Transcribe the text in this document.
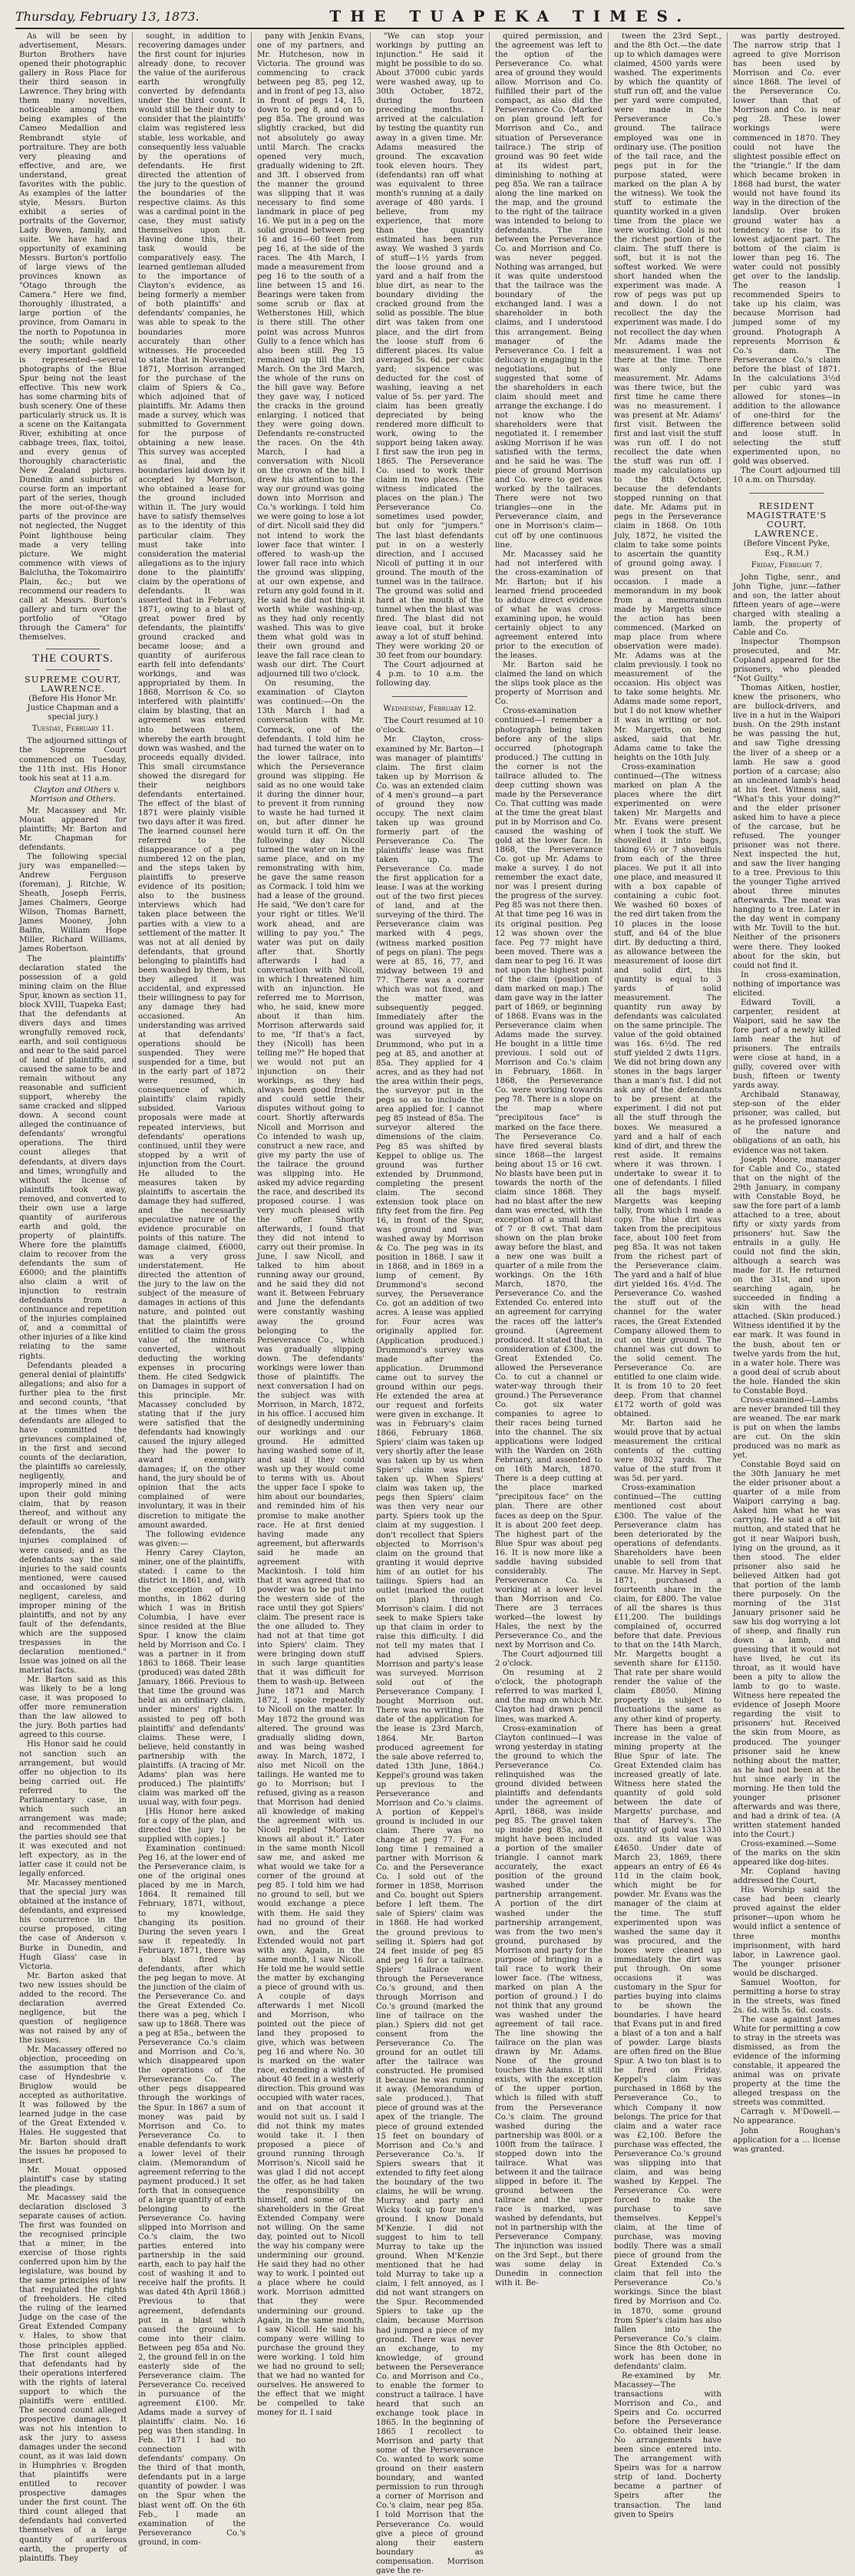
Thursday, February 13, 1873.	THE TUAPEKA TIMES.

As will be seen by advertisement, Messrs. Burton Brothers have opened their photographic gallery in Ross Place for their third season in Lawrence. They bring with them many novelties, noticeable among them being examples of the Cameo Medallion and Rembrandt style of portraiture. They are both very pleasing and effective, and are, we understand, great favorites with the public. As examples of the latter style, Messrs. Burton exhibit a series of portraits of the Governor, Lady Bowen, family, and suite. We have had an opportunity of examining Messrs. Burton's portfolio of large views of the provinces known as "Otago through the Camera." Here we find, thoroughly illustrated, a large portion of the province, from Oamaru in the north to Popotunoa in the south; while nearly every important goldfield is represented—several photographs of the Blue Spur being not the least effective. This new work has some charming bits of bush scenery. One of these particularly struck us. It is a scene on the Kaitangata River, exhibiting at once cabbage trees, flax, toitoi, and every genus of thoroughly characteristic New Zealand pictures. Dunedin and suburbs of course form an important part of the series, though the more out-of-the-way parts of the province are not neglected, the Nugget Point lighthouse being made a very telling picture. We might commence with views of Balclutha, the Tokomairiro Plain, &c.; but we recommend our readers to call at Messrs. Burton's gallery and turn over the portfolio of "Otago through the Camera" for themselves.

THE COURTS.
SUPREME COURT, LAWRENCE.
(Before His Honor Mr. Justice Chapman and a special jury.)

Tuesday, February 11.

The adjourned sittings of the Supreme Court commenced on Tuesday, the 11th inst. His Honor took his seat at 11 a.m.

Clayton and Others v. Morrison and Others.

Mr. Macassey and Mr. Mouat appeared for plaintiffs; Mr. Barton and Mr. Chapman for defendants.

The following special jury was empanelled:—Andrew Ferguson (foreman), J. Ritchie, W. Sheath, Joseph Ferris, James Chalmers, George Wilson, Thomas Barnett, James Mooney, John Balfin, William Hope Miller, Richard Williams, James Robertson.

The plaintiffs' declaration stated the possession of a gold mining claim on the Blue Spur, known as section 11, block XVIII, Tuapeka East; that the defendants at divers days and times wrongfully removed rock, earth, and soil contiguous and near to the said parcel of land of plaintiffs, and caused the same to be and remain without any reasonable and sufficient support, whereby the same cracked and slipped down. A second count alleged the continuance of defendants' wrongful operations. The third count alleges that defendants, at divers days and times, wrongfully and without the license of plaintiffs took away, removed, and converted to their own use a large quantity of auriferous earth and gold, the property of plaintiffs. Where fore the plaintiffs claim to recover from the defendants the sum of £6000; and the plaintiffs also claim a writ of injunction to restrain defendants from a continuance and repetition of the injuries complained of, and a committal of other injuries of a like kind relating to the same rights.

Defendants pleaded a general denial of plaintiffs' allegations; and also for a further plea to the first and second counts, "that at the times when the defendants are alleged to have committed the grievances complained of, in the first and second counts of the declaration, the plaintiffs so carelessly, negligently, and improperly mined in and upon their gold mining claim, that by reason thereof, and without any default or wrong of the defendants, the said injuries complained of were caused; and as the defendants say the said injuries to the said counts mentioned, were caused and occasioned by said negligent, careless, and improper mining of the plaintiffs, and not by any fault of the defendants, which are the supposed trespasses in the declaration mentioned." Issue was joined on all the material facts.

Mr. Barton said as this was likely to be a long case, it was proposed to offer more remuneration than the law allowed to the jury. Both parties had agreed to this course.

His Honor said he could not sanction such an arrangement, but would offer no objection to its being carried out. He referred to the Parliamentary case, in which such an arrangement was made; and recommended that the parties should see that it was executed and not left expectory, as in the latter case it could not be legally enforced.

Mr. Macassey mentioned that the special jury was obtained at the instance of defendants, and expressed his concurrence in the course proposed, citing the case of Anderson v. Burke in Dunedin, and Hugh Glass' case in Victoria.

Mr. Barton asked that two new issues should be added to the record. The declaration averred negligence, but the question of negligence was not raised by any of the issues.

Mr. Macassey offered no objection, proceeding on the assumption that the case of Hyndesbrie v. Bruglow would be accepted as authoritative. It was followed by the learned judge in the case of the Great Extended v. Hales. He suggested that Mr. Barton should draft the issues he proposed to insert.

Mr. Mouat opposed plaintiff's case by stating the pleadings.

Mr. Macassey said the declaration disclosed 3 separate causes of action. The first was founded on the recognised principle that a miner, in the exercise of those rights conferred upon him by the legislature, was bound by the same principles of law that regulated the rights of freeholders. He cited the ruling of the learned Judge on the case of the Great Extended Company v. Hales, to show that those principles applied. The first count alleged that defendants had by their operations interfered with the rights of lateral support to which the plaintiffs were entitled. The second count alleged prospective damages. It was not his intention to ask the jury to assess damages under the second count, as it was laid down in Humphries v. Brogden that plaintiffs were entitled to recover prospective damages under the first count. The third count alleged that defendants had converted themselves of a large quantity of auriferous earth, the property of plaintiffs. They

sought, in addition to recovering damages under the first count for injuries already done, to recover the value of the auriferous earth wrongfully converted by defendants under the third count. It would still be their duty to consider that the plaintiffs' claim was registered less stable, less workable, and consequently less valuable by the operations of defendants. He first directed the attention of the jury to the question of the boundaries of the respective claims. As this was a cardinal point in the case, they must satisfy themselves upon it. Having done this, their task would be comparatively easy. The learned gentleman alluded to the importance of Clayton's evidence, as being formerly a member of both plaintiffs' and defendants' companies, he was able to speak to the boundaries more accurately than other witnesses. He proceeded to state that in November, 1871, Morrison arranged for the purchase of the claim of Spiers & Co., which adjoined that of plaintiffs. Mr. Adams then made a survey, which was submitted to Government for the purpose of obtaining a new lease. This survey was accepted as final, and the boundaries laid down by it accepted by Morrison, who obtained a lease for the ground included within it. The jury would have to satisfy themselves as to the identity of this particular claim. They must take into consideration the material allegations as to the injury done to the plaintiffs' claim by the operations of defendants. It was asserted that in February, 1871, owing to a blast of great power fired by defendants, the plaintiffs' ground cracked and became loose; and a quantity of auriferous earth fell into defendants' workings, and was appropriated by them. In 1868, Morrison & Co. so interfered with plaintiffs' claim by blasting, that an agreement was entered into between them, whereby the earth brought down was washed, and the proceeds equally divided. This small circumstance showed the disregard for their neighbors defendants entertained. The effect of the blast of 1871 were plainly visible two days after it was fired. The learned counsel here referred to the disappearance of a peg numbered 12 on the plan, and the steps taken by plaintiffs to preserve evidence of its position; also to the business interviews which had taken place between the parties with a view to a settlement of the matter. It was not at all denied by defendants, that ground belonging to plaintiffs had been washed by them, but they alleged it was accidental, and expressed their willingness to pay for any damage they had occasioned. An understanding was arrived at that defendants' operations should be suspended. They were suspended for a time, but in the early part of 1872 were resumed, in consequence of which, plaintiffs' claim rapidly subsided. Various proposals were made at repeated interviews, but defendants' operations continued, until they were stopped by a writ of injunction from the Court. He alluded to the measures taken by plaintiffs to ascertain the damage they had suffered, and the necessarily speculative nature of the evidence procurable on points of this nature. The damage claimed, £6000, was a very gross understatement. He directed the attention of the jury to the law on the subject of the measure of damages in actions of this nature, and pointed out that the plaintiffs were entitled to claim the gross value of the minerals converted, without deducting the working expenses in procuring them. He cited Sedgwick on Damages in support of this principle. Mr. Macassey concluded by stating that if the jury were satisfied that the defendants had knowingly caused the injury alleged they had the power to award exemplary damages; if, on the other hand, the jury should be of opinion that the acts complained of were involuntary, it was in their discretion to mitigate the amount awarded.

The following evidence was given:—

Henry Carey Clayton, miner, one of the plaintiffs, stated: I came to the district in 1861, and, with the exception of 10 months, in 1862 during which I was in British Columbia, I have ever since resided at the Blue Spur. I know the claim held by Morrison and Co. I was a partner in it from 1863 to 1868. Their lease (produced) was dated 28th January, 1866. Previous to that time the ground was held as an ordinary claim, under miners' rights. I assisted to peg off both plaintiffs' and defendants' claims. These were, I believe, held constantly in partnership with the plaintiffs. (A tracing of Mr. Adams' plan was here produced.) The plaintiffs' claim was marked off the usual way, with four pegs.

[His Honor here asked for a copy of the plan, and directed the jury to be supplied with copies.]

Examination continued: Peg 16, at the lower end of the Perseverance claim, is one of the original ones placed by me in March, 1864. It remained till February, 1871, without, to my knowledge, changing its position. During the seven years I saw it repeatedly. In February, 1871, there was a blast fired by defendants, after which the peg began to move. At the junction of the claim of the Perseverance Co. and the Great Extended Co. there was a peg, which I saw up to 1868. There was a peg at 85a., between the Perseverance Co.'s claim and Morrison and Co.'s, which disappeared upon the operations of the Perseverance Co. The other pegs disappeared through the workings of the Spur. In 1867 a sum of money was paid by Morrison and Co. to Perseverance Co. to enable defendants to work a lower level of their claim. (Memorandum of agreement referring to the payment produced.) It set forth that in consequence of a large quantity of earth belonging to the Perseverance Co. having slipped into Morrison and Co.'s claim, the two parties entered into partnership in the said earth, each to pay half the cost of washing it and to receive half the profits. It was dated 4th April 1868.) Previous to that agreement, defendants put in a blast which caused the ground to come into their claim. Between peg 85a and No. 2, the ground fell in on the easterly side of the Perseverance claim. The Perseverance Co. received in pursuance of the agreement £100. Mr. Adams made a survey of plaintiffs' claim. No. 16 peg was then standing. In Feb. 1871 I had no connection with defendants' company. On the third of that month, defendants put in a large quantity of powder. I was on the Spur when the blast went off. On the 6th Feb., I made an examination of the Perseverance Co.'s ground, in com-

pany with Jenkin Evans, one of my partners, and Mr. Hutcheson, now in Victoria. The ground was commencing to crack between peg 85, peg 12, and in front of peg 13, also in front of pegs 14, 15, down to peg 8, and on to peg 85a. The ground was slightly cracked, but did not absolutely go away until March. The cracks opened very much, gradually widening to 2ft. and 3ft. I observed from the manner the ground was slipping that it was necessary to find some landmark in place of peg 16. We put in a peg on the solid ground between peg 16 and 16—60 feet from peg 16, at the side of the races. The 4th March, I made a measurement from peg 16 to the south of a line between 15 and 16. Bearings were taken from some scrub or flax at Wetherstones Hill, which is there still. The other point was across Munros Gully to a fence which has also been still. Peg 15 remained up till the 3rd March. On the 3rd March, the whole of the runs on the hill gave way. Before they gave way, I noticed the cracks in the ground enlarging. I noticed that they were going down. Defendants re-constructed the races. On the 4th March, I had a conversation with Nicoll on the crown of the hill. I drew his attention to the way our ground was going down into Morrison and Co.'s workings. I told him we were going to lose a lot of dirt. Nicoll said they did not intend to work the lower face that winter. I offered to wash-up the lower fall race into which the ground was slipping, at our own expense, and return any gold found in it. He said he did not think it worth while washing-up, as they had only recently washed. This was to give them what gold was in their own ground and leave the fall race clean to wash our dirt. The Court adjourned till two o'clock.

On resuming, the examination of Clayton was continued:—On the 13th March I had a conversation with Mr. Cormack, one of the defendants. I told him he had turned the water on to the lower tailrace, into which the Perseverance ground was slipping. He said as no one would take it during the dinner hour, to prevent it from running to waste he had turned it on, but after dinner he would turn it off. On the following day Nicoll turned the water on in the same place, and on my remonstrating with him, he gave the same reason as Cormack. I told him we had a lease of the ground. He said, "We don't care for your right or titles. We'll work ahead, and are willing to pay you." The water was put on daily after that. Shortly afterwards I had a conversation with Nicoll, in which I threatened him with an injunction. He referred me to Morrison, who, he said, knew more about it than him. Morrison afterwards said to me, "If that's a fact, they (Nicoll) has been telling me?" He hoped that we would not put an injunction on their workings, as they had always been good friends, and could settle their disputes without going to court. Shortly afterwards Nicoll and Morrison and Co intended to wash up, construct a new race, and give my party the use of the tailrace the ground was slipping into. He asked my advice regarding the race, and described its proposed course. I was very much pleased with the offer. Shortly afterwards, I found that they did not intend to carry out their promise. In June, I saw Nicoll, and talked to him about running away our ground, and he said they did not want it. Between February and June the defendants were constantly washing away the ground belonging to the Perseverance Co., which was gradually slipping down. The defendants' workings were lower than those of plaintiffs. The next conversation I had on the subject was with Morrison, in March, 1872, in his office. I accused him of designedly undermining our workings and our ground. He admitted having washed some of it, and said if they could wash up they would come to terms with us. About the upper face I spoke to him about our boundaries, and reminded him of his promise to make another race. He at first denied having made any agreement, but afterwards said he made an agreement with Mackintosh. I told him that it was agreed that no powder was to be put into the western side of the race until they got Spiers' claim. The present race is the one alluded to. They had not at that time got into Spiers' claim. They were bringing down stuff in such large quantities that it was difficult for them to wash-up. Between June 1871 and March 1872, I spoke repeatedly to Nicoll on the matter. In May 1872 the ground was altered. The ground was gradually sliding down, and was being washed away. In March, 1872, I also met Nicoll on the tailings. He wanted me to go to Morrison; but I refused, giving as a reason that Morrison had denied all knowledge of making the agreement with us. Nicoll replied "Morrison knows all about it." Later in the same month Nicoll saw me, and asked me what would we take for a corner of the ground at peg 85. I told him we had no ground to sell, but we would exchange a piece with them. He said they had no ground of their own, and the Great Extended would not part with any. Again, in the same month, I saw Nicoll. He told me he would settle the matter by exchanging a piece of ground with us. A couple of days afterwards I met Nicoll and Morrison, who pointed out the piece of land they proposed to give, which was between peg 16 and where No. 30 is marked on the water race, extending a width of about 40 feet in a westerly direction. This ground was occupied with water races, and on that account it would not suit us. I said I did not think my mates would take it. I then proposed a piece of ground running through Morrison's. Nicoll said he was glad I did not accept the offer, as he had taken the responsibility on himself, and some of the shareholders in the Great Extended Company were not willing. On the same day, pointed out to Nicoll the way his company were undermining our ground. He said they had no other way to work. I pointed out a place where he could work. Morrison admitted that they were undermining our ground. Again, in the same month, I saw Nicoll. He said his company were willing to purchase the ground they were working. I told him we had no ground to sell; that we had no wanted for ourselves. He answered to the effect that we might be compelled to take money for it. I said

"We can stop your workings by putting an injunction." He said it might be possible to do so. About 37000 cubic yards were washed away, up to 30th October, 1872, during the fourteen preceding months. I arrived at the calculation by testing the quantity run away in a given time. Mr. Adams measured the ground. The excavation took eleven hours. They (defendants) ran off what was equivalent to three month's running at a daily average of 480 yards. I believe, from my experience, that more than the quantity estimated has been run away. We washed 3 yards of stuff—1½ yards from the loose ground and a yard and a half from the blue dirt, as near to the boundary dividing the cracked ground from the solid as possible. The blue dirt was taken from one place, and the dirt from the loose stuff from 6 different places. Its value averaged 5s. 6d. per cubic yard; sixpence was deducted for the cost of washing, leaving a net value of 5s. per yard. The claim has been greatly depreciated by being rendered more difficult to work, owing to the support being taken away. I first saw the iron peg in 1865. The Perseverance Co. used to work their claim in two places. (The witness indicated the places on the plan.) The Perseverance Co. sometimes used powder, but only for "jumpers." The last blast defendants put in on a westerly direction, and I accused Nicoll of putting it in our ground. The mouth of the tunnel was in the tailrace. The ground was solid and hard at the mouth of the tunnel when the blast was fired. The blast did not leave coal, but it broke away a lot of stuff behind. They were working 20 or 30 feet from our boundary.

The Court adjourned at 4 p.m. to 10 a.m. the following day.

Wednesday, February 12.

The Court resumed at 10 o'clock.

Mr. Clayton, cross-examined by Mr. Barton—I was manager of plaintiffs' claim. The first claim taken up by Morrison & Co. was an extended claim of 4 men's ground—a part of ground they now occupy. The next claim taken up was ground formerly part of the Perseverance Co. The plaintiffs' lease was first taken up. The Perseverance Co. made the first application for a lease. I was at the working out of the two first pieces of land, and at the surveying of the third. The Perseverance claim was marked with 4 pegs, (witness marked position of pegs on plan). The pegs were at 85, 16, 77, and midway between 19 and 77. There was a corner which was not fixed, and the matter was subsequently pegged. Immediately after the ground was applied for, it was surveyed by Drummond, who put in a peg at 85, and another at 85a. They applied for 4 acres, and as they had not the area within their pegs, the surveyor put in the pegs so as to include the area applied for. I cannot peg 85 instead of 85a. The surveyor altered the dimensions of the claim. Peg 85 was shifted by Keppel to oblige us. The ground was further extended by Drummond, completing the present claim. The second extension took place on fifty feet from the fire. Peg 16, in front of the Spur, was ground and was washed away by Morrison & Co. The peg was in its position in 1868. I saw it in 1868, and in 1869 in a lump of cement. By Drummond's second survey, the Perseverance Co. got an addition of two acres. A lease was applied for. Four acres was originally applied for. (Application produced.) Drummond's survey was made after the application. Drummond came out to survey the ground within our pegs. He extended the area at our request and forfeits were given in exchange. It was in February's claim 1866, February 1868. Spiers' claim was taken up very shortly after the lease was taken up by us when Spiers' claim was first taken up. When Spiers' claim was taken up, the pegs then Spiers' claim was then very near our party. Spiers took up the claim at my suggestion. I don't recollect that Spiers objected to Morrison's claim on the ground that granting it would deprive him of an outlet for his tailings. Spiers had an outlet (marked the outlet on plan) through Morrison's claim. I did not seek to make Spiers take up that claim in order to raise this difficulty. I did not tell my mates that I had advised Spiers. Morrison and party's lease was surveyed. Morrison sold out of the Perseverance Company. I bought Morrison out. There was no writing. The date of the application for the lease is 23rd March, 1864. Mr. Barton produced agreement for the sale above referred to, dated 13th June, 1864.) Keppel's ground was taken up previous to the Perseverance and Morrison and Co.'s claims. A portion of Keppel's ground is included in our claim. There was no change at peg 77. For a long time I remained a partner with Morrison & Co. and the Perseverance Co. I sold out of the former in 1858, Morrison and Co. bought out Spiers before I left them. The sale of Spiers' claim was in 1868. He had worked the ground previous to selling it. Spiers had got 24 feet inside of peg 85 and peg 16 for a tailrace. Spiers' tailrace went through the Perseverance Co.'s ground, and then through Morrison and Co.'s ground (marked the line of tailrace on the plan.) Spiers did not get consent from the Perseverance Co. The ground for an outlet till after the tailrace was constructed. He promised it because he was running it away. (Memorandum of sale produced.). That piece of ground was at the apex of the triangle. The piece of ground extended 15 feet on boundary of Morrison and Co.'s and Perseverance Co.'s. If Spiers swears that it extended to fifty feet along the boundary of the two claims, he will be wrong. Murray and party and Wicks took up four men's ground. I know Donald M'Kenzie. I did not suggest to him to tell Murray to take up the ground. When M'Kenzie mentioned that he had told Murray to take up a claim, I felt annoyed, as I did not want strangers on the Spur. Recommended Spiers to take up the claim, because Morrison had jumped a piece of my ground. There was never an exchange, to my knowledge, of ground between the Perseverance Co. and Morrison and Co., to enable the former to construct a tailrace. I have heard that such an exchange took place in 1865. In the beginning of 1865 I recollect to Morrison and party that some of the Perseverance Co. wanted to work some ground on their eastern boundary, and wanted permission to run through a corner of Morrison and Co.'s claim, near peg 85a. I told Morrison that the Perseverance Co. would give a piece of ground along their eastern boundary as compensation. Morrison gave the re-

quired permission, and the agreement was left to the option of the Perseverance Co. what area of ground they would allow. Morrison and Co. fulfilled their part of the compact, as also did the Perseverance Co. (Marked on plan ground left for Morrison and Co., and situation of Perseverance tailrace.) The strip of ground was 90 feet wide at its widest part, diminishing to nothing at peg 85a. We ran a tailrace along the line marked on the map, and the ground to the right of the tailrace was intended to belong to defendants. The line between the Perseverance Co. and Morrison and Co. was never pegged. Nothing was arranged, but it was quite understood that the tailrace was the boundary of the exchanged land. I was a shareholder in both claims, and I understood this arrangement. Being manager of the Perseverance Co. I felt a delicacy in engaging in the negotiations, but I suggested that some of the shareholders in each claim should meet and arrange the exchange. I do not know who the shareholders were that negotiated it. I remember asking Morrison if he was satisfied with the terms, and he said he was. The piece of ground Morrison and Co. were to get was worked by the tailraces. There were not two triangles—one in the Perseverance claim, and one in Morrison's claim—cut off by one continuous line.

Mr. Macassey said he had not interfered with the cross-examination of Mr. Barton; but if his learned friend proceeded to adduce direct evidence of what he was cross-examining upon, he would certainly object to any agreement entered into prior to the execution of the leases.

Mr. Barton said he claimed the land on which the slips took place as the property of Morrison and Co.

Cross-examination continued—I remember a photograph being taken before any of the slips occurred (photograph produced.) The cutting in the corner is not the tailrace alluded to. The deep cutting shown was made by the Perseverance Co. That cutting was made at the time the great blast put in by Morrison and Co. caused the washing of gold at the lower face. In 1868, the Perseverance Co. got up Mr. Adams to make a survey. I do not remember the exact date, nor was I present during the progress of the survey. Peg 85 was not there then. At that time peg 16 was in its original position. Peg 12 was shown over the face. Peg 77 might have been moved. There was a dam near to peg 16. It was not upon the highest point of the claim (position of dam marked on map.) The dam gave way in the latter part of 1869, or beginning of 1868. Evans was in the Perseverance claim when Adams made the survey. He bought in a little time previous. I sold out of Morrison and Co.'s claim in February, 1868. In 1868, the Perseverance Co. were working towards peg 78. There is a slope on the map where "precipitous face" is marked on the face there. The Perseverance Co. have fired several blasts since 1868—the largest being about 15 or 16 cwt. No blasts have been put in towards the north of the claim since 1868. They had no blast after the new dam was erected, with the exception of a small blast of 7 or 8 cwt. That dam shown on the plan broke away before the blast, and a new one was built a quarter of a mile from the workings. On the 16th March, 1870, the Perseverance Co. and the Extended Co. entered into an agreement for carrying the races off the latter's ground. (Agreement produced. It stated that, in consideration of £300, the Great Extended Co. allowed the Perseverance Co. to cut a channel or water-way through their ground.) The Perseverance Co. got six water companies to agree to their races being turned into the channel. The six applications were lodged with the Warden on 26th February, and assented to on 16th March, 1870. There is a deep cutting at the place marked "precipitous face" on the plan. There are other faces as deep on the Spur. It is about 200 feet deep. The highest part of the Blue Spur was about peg 16. It is now more like a saddle having subsided considerably. The Perseverance Co. is working at a lower level than Morrison and Co. There are 3 terraces worked—the lowest by Hales, the next by the Perseverance Co., and the next by Morrison and Co.

The Court adjourned till 2 o'clock.

On resuming at 2 o'clock, the photograph referred to was marked I, and the map on which Mr. Clayton had drawn pencil lines, was marked A.

Cross-examination of Clayton continued—I was wrong yesterday in stating the ground to which the Perseverance Co. relinquished was the ground divided between plaintiffs and defendants under the agreement of April, 1868, was inside peg 85. The gravel taken up inside peg 85a, and it might have been included a portion of the smaller triangle. I cannot mark accurately, the exact position of the ground washed under the partnership arrangement. A portion of the dirt washed under the partnership arrangement, was from the two men's ground, purchased by Morrison and party for the purpose of bringing in a tail race to work their lower face. (The witness, marked on plan A the portion of ground.) I do not think that any ground was washed under the agreement of tail race. The line showing the tailrace on the plan was drawn by Mr. Adams. None of the ground touches the Adams. It still exists, with the exception of the upper portion, which is filled with stuff from the Perseverance Co.'s claim. The ground washed during the partnership was 800l. or a 100ft from the tailrace. I stopped down into the tailrace. What was between it and the tailrace slipped in before it. The ground between the tailrace and the upper race is marked, was washed by defendants, but not in partnership with the Perseverance Company. The injunction was issued on the 3rd Sept., but there was some delay in Dunedin in connection with it. Be-

tween the 23rd Sept., and the 8th Oct.—the date up to which damages were claimed, 4500 yards were washed. The experiments by which the quantity of stuff run off, and the value per yard were computed, were made in the Perseverance Co.'s ground. The tailrace employed was one in ordinary use. (The position of the tail race, and the pegs put in for the purpose stated, were marked on the plan A by the witness). We took the stuff to estimate the quantity worked in a given time from the place we were working. Gold is not the richest portion of the claim. The stuff there is soft, but it is not the softest worked. We were short handed when the experiment was made. A row of pegs was put up and down. I do not recollect the day the experiment was made. I do not recollect the day when Mr. Adams made the measurement. I was not there at the time. There was only one measurement. Mr. Adams was there twice, but the first time he came there was no measurement. I was present at Mr. Adams' first visit. Between the first and last visit the stuff was run off. I do not recollect the date when the stuff was run off. I made my calculations up to the 8th October, because the defendants stopped running on that date. Mr. Adams put in pegs in the Perseverance claim in 1868. On 10th July, 1872, he visited the claim to take some points to ascertain the quantity of ground going away. I was present on that occasion. I made a memorandum in my book from a memorandum made by Margetts since the action has been commenced. (Marked on map place from where observation were made). Mr. Adams was at the claim previously. I took no measurement of the occasion. His object was to take some heights. Mr. Adams made some report, but I do not know whether it was in writing or not. Mr. Margetts, on being asked, said that Mr. Adams came to take the heights on the 10th July.

Cross-examination continued—(The witness marked on plan A the places where the dirt experimented on were taken) Mr. Margetts and Mr. Evans were present when I took the stuff. We shovelled it into bags, taking 6½ or 7 shovelfuls from each of the three places. We put it all into one place, and measured it with a box capable of containing a cubic foot. We washed 60 boxes of the red dirt taken from the 10 places in the loose stuff, and 64 of the blue dirt. By deducting a third, as allowance between the measurement of loose dirt and solid dirt, this quantity is equal to 3 yards of solid measurement. The quantity run away by defendants was calculated on the same principle. The value of the gold obtained was 16s. 6½d. The red stuff yielded 2 dwts 11grs. We did not bring down any stones in the bags larger than a man's fist. I did not ask any of the defendants to be present at the experiment. I did not put all the stuff through the boxes. We measured a yard and a half of each kind of dirt, and threw the rest aside. It remains where it was thrown. I undertake to swear it to one of defendants. I filled all the bags myself. Margetts was keeping tally, from which I made a copy. The blue dirt was taken from the precipitous face, about 100 feet from peg 85a. It was not taken from the richest part of the Perseverance claim. The yard and a half of blue dirt yielded 16s. 4½d. The Perseverance Co. washed the stuff out of the channel for the water races, the Great Extended Company allowed them to cut on their ground. The channel was cut down to the solid cement. The Perseverance Co. are entitled to one claim wide. It is from 10 to 20 feet deep. From that channel £172 worth of gold was obtained.

Mr. Barton said he would prove that by actual measurement the critical contents of the cutting were 8032 yards. The value of the stuff from it was 5d. per yard.

Cross-examination continued—The cutting mentioned cost about £300. The value of the Perseverance claim has been deteriorated by the operations of defendants. Shareholders have been unable to sell from that cause. Mr. Harvey in Sept. 1871, purchased a fourteenth share in the claim, for £800. The value of all the shares is thus £11,200. The buildings complained of, occurred before that date. Previous to that on the 14th March, Mr. Margetts bought a seventh share for £1150. That rate per share would render the value of the claim £8050. Mining property is subject to fluctuations the same as any other kind of property. There has been a great increase in the value of mining property at the Blue Spur of late. The Great Extended claim has increased greatly of late. Witness here stated the quantity of gold sold between the date of Margetts' purchase, and that of Harvey's. The quantity of gold was 1330 ozs. and its value was £4650. Under date of March 23, 1869, there appears an entry of £6 4s 11d in the claim book, which might be for powder. Mr. Evans was the manager of the claim at the time. The stuff experimented upon was washed the same day it was procured, and the boxes were cleaned up immediately the dirt was put through. On some occasions it was customary in the Spur for parties buying into claims to be shown the boundaries. I have heard that Evans put in and fired a blast of a ton and a half of powder. Large blasts are often fired on the Blue Spur. A two ton blast is to be fired on Friday. Keppel's claim was purchased in 1868 by the Perseverance Co., to which Company it now belongs. The price for that claim and a water race was £2,100. Before the purchase was effected, the Perseverance Co.'s ground was slipping into that claim, and was being washed by Keppel. The Perseverance Co. were forced to make the purchase to save themselves. Keppel's claim, at the time of purchase, was moving bodily. There was a small piece of ground from the Great Extended Co.'s claim that fell into the Perseverance Co.'s workings. Since the blast fired by Morrison and Co. in 1870, some ground from Spier's claim has also fallen into the Perseverance Co.'s claim. Since the 8th October, no work has been done in defendants' claim.

Re-examined by Mr. Macassey—The transactions with Morrison and Co., and Speirs and Co. occurred before the Perseverance Co. obtained their lease. No arrangements have been since entered into. The arrangement with Speirs was for a narrow strip of land. Docherty became a partner of Speirs after the transaction. The land given to Speirs

was partly destroyed. The narrow strip that I agreed to give Morrison has been used by Morrison and Co. ever since 1868. The level of the Perseverance Co. lower than that of Morrison and Co. is near peg 28. These lower workings were commenced in 1870. They could not have the slightest possible effect on the "triangle." If the dam which became broken in 1868 had burst, the water would not have found its way in the direction of the landslip. Over broken ground water has a tendency to rise to its lowest adjacent part. The bottom of the claim is lower than peg 16. The water could not possibly get over to the landslip. The reason I recommended Speirs to take up his claim, was because Morrison had jumped some of my ground. Photograph A represents Morrison & Co.'s dam. The Perseverance Co.'s claim before the blast of 1871. In the calculations 3½d per cubic yard was allowed for stones—in addition to the allowance of one-third for the difference between solid and loose stuff. In selecting the stuff experimented upon, no gold was observed.

The Court adjourned till 10 a.m. on Thursday.

RESIDENT MAGISTRATE'S COURT, LAWRENCE.
(Before Vincent Pyke, Esq., R.M.)

Friday, February 7.

John Tighe, senr., and John Tighe, junr.—father and son, the latter about fifteen years of age—were charged with stealing a lamb, the property of Cable and Co.

Inspector Thompson prosecuted, and Mr. Copland appeared for the prisoners, who pleaded "Not Guilty."

Thomas Aitken, hostler, knew the prisoners, who are bullock-drivers, and live in a hut in the Waipori bush. On the 29th instant he was passing the hut, and saw Tighe dressing the liver of a sheep or a lamb. He saw a good portion of a carcase; also an uncleaned lamb's head at his feet. Witness said, "What's this your doing?" and the elder prisoner asked him to have a piece of the carcase, but he refused. The younger prisoner was not there. Next inspected the hut, and saw the liver hanging to a tree. Previous to this the younger Tighe arrived about three minutes afterwards. The meat was hanging to a tree. Later in the day went in company with Mr. Tovill to the hut. Neither of the prisoners were there. They looked about for the skin, but could not find it.

In cross-examination, nothing of importance was elicited.

Edward Tovill, a carpenter, resident at Waipori, said he saw the fore part of a newly killed lamb near the hut of prisoners. The entrails were close at hand, in a gully, covered over with bush, fifteen or twenty yards away.

Archibald Stanaway, step-son of the elder prisoner, was called, but as he professed ignorance of the nature and obligations of an oath, his evidence was not taken.

Joseph Moore, manager for Cable and Co., stated that on the night of the 29th January, in company with Constable Boyd, he saw the fore part of a lamb attached to a tree, about fifty or sixty yards from prisoners' hut. Saw the entrails in a gully. He could not find the skin, although a search was made for it. He returned on the 31st, and upon searching again, he succeeded in finding a skin with the head attached. (Skin produced.) Witness identified it by the ear mark. It was found in the bush, about ten or twelve yards from the hut, in a water hole. There was a good deal of scrub about the hole. Handed the skin to Constable Boyd.

Cross-examined—Lambs are never branded till they are weaned. The ear mark is put on when the lambs are cut. On the skin produced was no mark as yet.

Constable Boyd said on the 30th January he met the elder prisoner about a quarter of a mile from Waipori carrying a bag. Asked him what he was carrying. He said a off bit mutton, and stated that he got it near Waipori bush, lying on the ground, as it then stood. The elder prisoner also said he believed Aitken had got that portion of the lamb there purposely. On the morning of the 31st January prisoner said he saw his dog worrying a lot of sheep, and finally run down a lamb, and guessing that it would not have lived, he cut its throat, as it would have been a pity to allow the lamb to go to waste. Witness here repeated the evidence of Joseph Moore regarding the visit to prisoners' hut. Received the skin from Moore, as produced. The younger prisoner said he knew nothing about the matter, as he had not been at the hut since early in the morning. He then told the younger prisoner afterwards and was there, and had a drink of tea. (A written statement handed into the Court.)

Cross-examined.—Some of the marks on the skin appeared like dog-bites.

Mr. Copland having addressed the Court,

His Worship said the case had been clearly proved against the elder prisoner—upon whom he would inflict a sentence of three months imprisonment, with hard labor, in Lawrence gaol. The younger prisoner would be discharged.

Samuel Wootton, for permitting a horse to stray in the streets, was fined 2s. 6d. with 5s. 6d. costs.

The case against James White for permitting a cow to stray in the streets was dismissed, as from the evidence of the informing constable, it appeared the animal was on private property at the time the alleged trespass on the streets was committed.

Carragh v. M'Dowell.—No appearance.

John Roughan's application for a ... license was granted.
